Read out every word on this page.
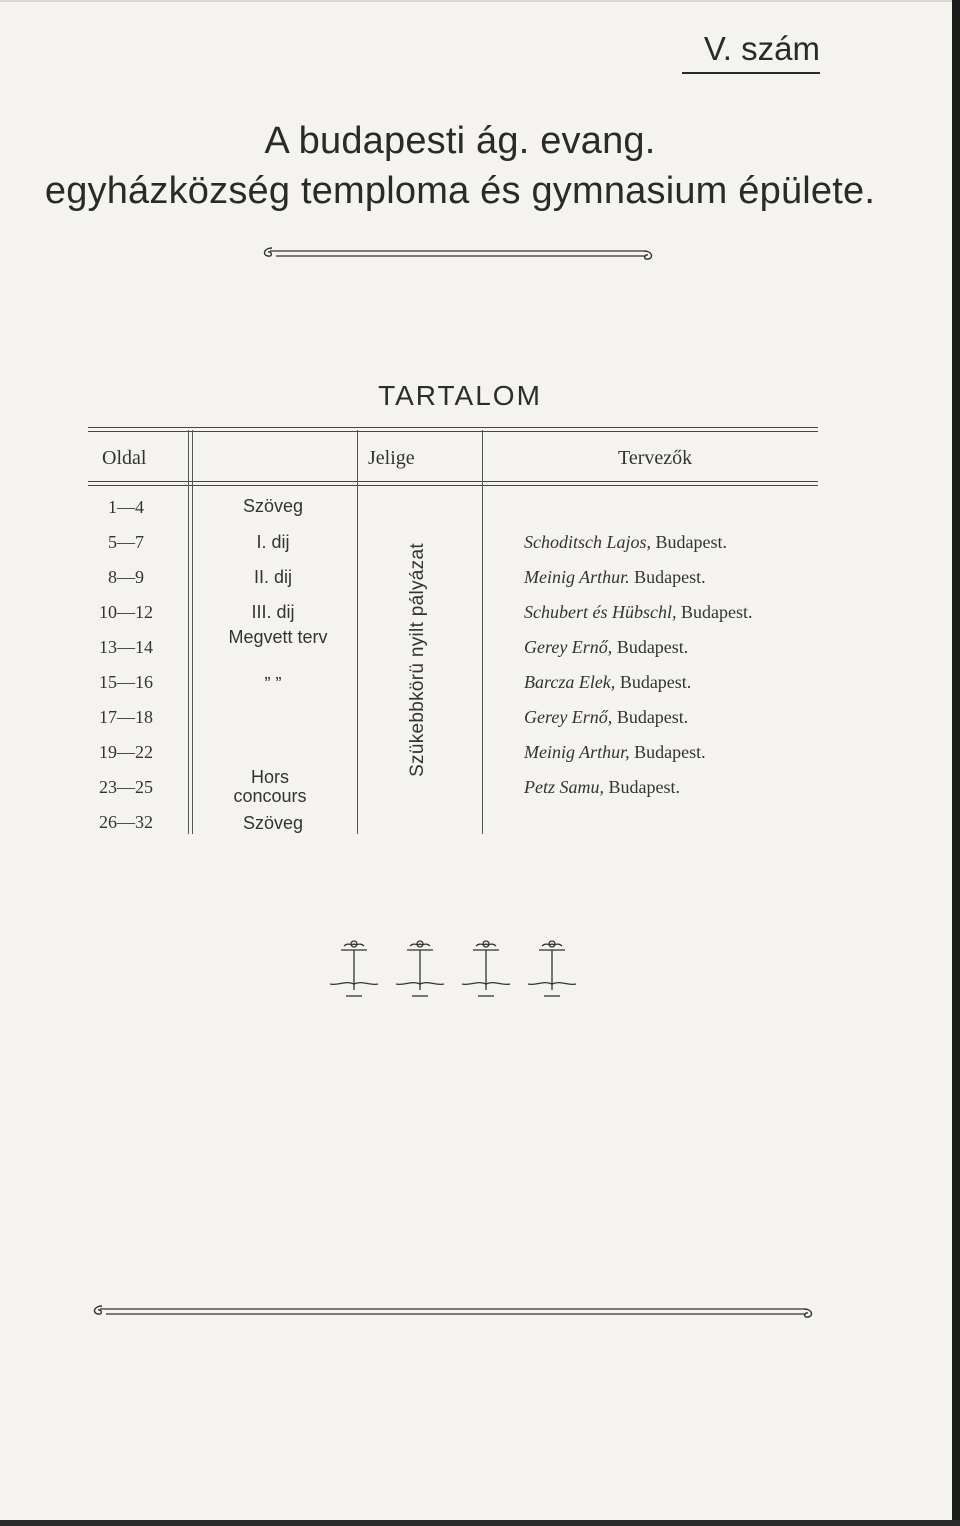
V. szám
A budapesti ág. evang.
egyházközség temploma és gymnasium épülete.
TARTALOM
Oldal	Jelige	Tervezők
1—4
5—7
8—9
10—12
13—14
15—16
17—18
19—22
23—25
26—32
Szöveg
I. dij
II. dij
III. dij
Megvett terv
” ”
Hors concours
Szöveg
Szükebbkörü nyilt pályázat
Schoditsch Lajos, Budapest.
Meinig Arthur. Budapest.
Schubert és Hübschl, Budapest.
Gerey Ernő, Budapest.
Barcza Elek, Budapest.
Gerey Ernő, Budapest.
Meinig Arthur, Budapest.
Petz Samu, Budapest.
